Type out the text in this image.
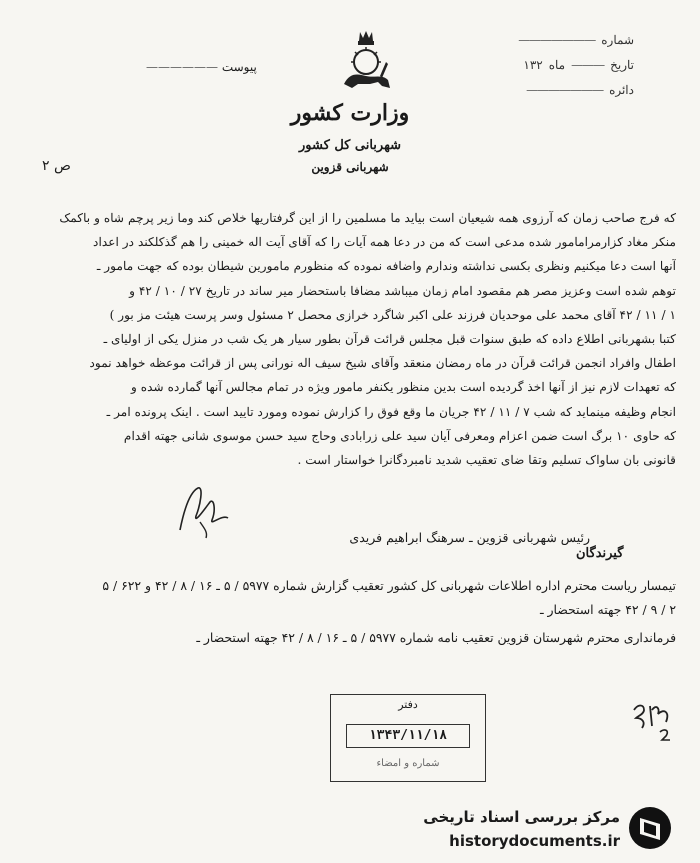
شماره
———————
تاریخ
———
ماه
۱۳۲
دائره
———————
پیوست ——————
وزارت کشور
شهربانی کل کشور
شهربانی قزوین
ص ۲
که فرج صاحب زمان که آرزوی همه شیعیان است بیاید ما مسلمین را از این گرفتاریها خلاص کند وما زیر پرچم شاه و باکمک
منکر مغاد کزارمرامامور شده مدعی است که من در دعا همه آیات را که آقای آیت اله خمینی را هم گذکلکند در اعداد
آنها است دعا میکنیم ونظری بکسی نداشته وندارم واضافه نموده که منظورم مامورین شیطان بوده که جهت مامور ـ
توهم شده است وعزیز مصر هم مقصود امام زمان میباشد مضافا باستحضار میر ساند در تاریخ ۲۷ / ۱۰ / ۴۲ و
۱ / ۱۱ / ۴۲ آقای محمد علی موحدیان فرزند علی اکبر شاگرد خرازی محصل ۲ مسئول وسر پرست هیئت مز بور )
کتبا بشهربانی اطلاع داده که طبق سنوات قبل مجلس قرائت قرآن بطور سیار هر یک شب در منزل یکی از اولیای ـ
اطفال وافراد انجمن قرائت قرآن در ماه رمضان منعقد وآقای شیخ سیف اله نورانی پس از قرائت موعظه خواهد نمود
که تعهدات لازم نیز از آنها اخذ گردیده است بدین منظور یکنفر مامور ویژه در تمام مجالس آنها گمارده شده و
انجام وظیفه مینماید که شب ۷ / ۱۱ / ۴۲ جریان ما وقع فوق را کزارش نموده ومورد تایید است . اینک پرونده امر ـ
که حاوی ۱۰ برگ است ضمن اعزام ومعرفی آیان سید علی زرابادی وحاج سید حسن موسوی شانی جهته اقدام
قانونی بان ساواک تسلیم وتقا ضای تعقیب شدید نامبردگانرا خواستار است .
رئیس شهربانی قزوین ـ سرهنگ ابراهیم فریدی
گیرندگان
تیمسار ریاست محترم اداره اطلاعات شهربانی کل کشور تعقیب گزارش شماره ۵۹۷۷ / ۵ ـ ۱۶ / ۸ / ۴۲ و ۶۲۲ / ۵
۲ / ۹ / ۴۲ جهته استحضار ـ
فرمانداری محترم شهرستان قزوین تعقیب نامه شماره ۵۹۷۷ / ۵ ـ ۱۶ / ۸ / ۴۲ جهته استحضار ـ
دفتر
۱۳۴۳/۱۱/۱۸
شماره و امضاء
مرکز بررسی اسناد تاریخی
historydocuments.ir
